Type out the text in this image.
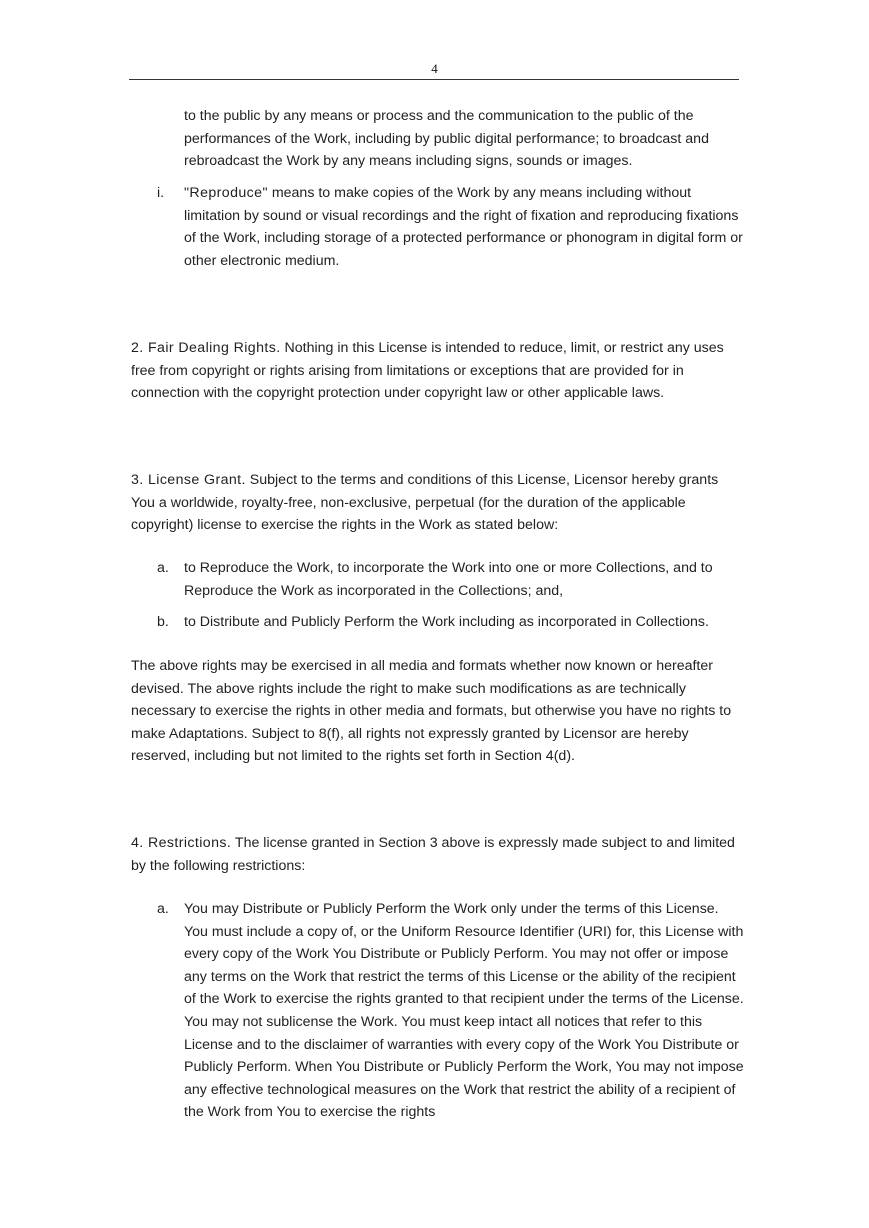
4

to the public by any means or process and the communication to the public of the performances of the Work, including by public digital performance; to broadcast and rebroadcast the Work by any means including signs, sounds or images.

i.	"Reproduce" means to make copies of the Work by any means including without limitation by sound or visual recordings and the right of fixation and reproducing fixations of the Work, including storage of a protected performance or phonogram in digital form or other electronic medium.

2. Fair Dealing Rights. Nothing in this License is intended to reduce, limit, or restrict any uses free from copyright or rights arising from limitations or exceptions that are provided for in connection with the copyright protection under copyright law or other applicable laws.

3. License Grant. Subject to the terms and conditions of this License, Licensor hereby grants You a worldwide, royalty-free, non-exclusive, perpetual (for the duration of the applicable copyright) license to exercise the rights in the Work as stated below:

a.	to Reproduce the Work, to incorporate the Work into one or more Collections, and to Reproduce the Work as incorporated in the Collections; and,

b.	to Distribute and Publicly Perform the Work including as incorporated in Collections.

The above rights may be exercised in all media and formats whether now known or hereafter devised. The above rights include the right to make such modifications as are technically necessary to exercise the rights in other media and formats, but otherwise you have no rights to make Adaptations. Subject to 8(f), all rights not expressly granted by Licensor are hereby reserved, including but not limited to the rights set forth in Section 4(d).

4. Restrictions. The license granted in Section 3 above is expressly made subject to and limited by the following restrictions:

a.	You may Distribute or Publicly Perform the Work only under the terms of this License. You must include a copy of, or the Uniform Resource Identifier (URI) for, this License with every copy of the Work You Distribute or Publicly Perform. You may not offer or impose any terms on the Work that restrict the terms of this License or the ability of the recipient of the Work to exercise the rights granted to that recipient under the terms of the License. You may not sublicense the Work. You must keep intact all notices that refer to this License and to the disclaimer of warranties with every copy of the Work You Distribute or Publicly Perform. When You Distribute or Publicly Perform the Work, You may not impose any effective technological measures on the Work that restrict the ability of a recipient of the Work from You to exercise the rights
